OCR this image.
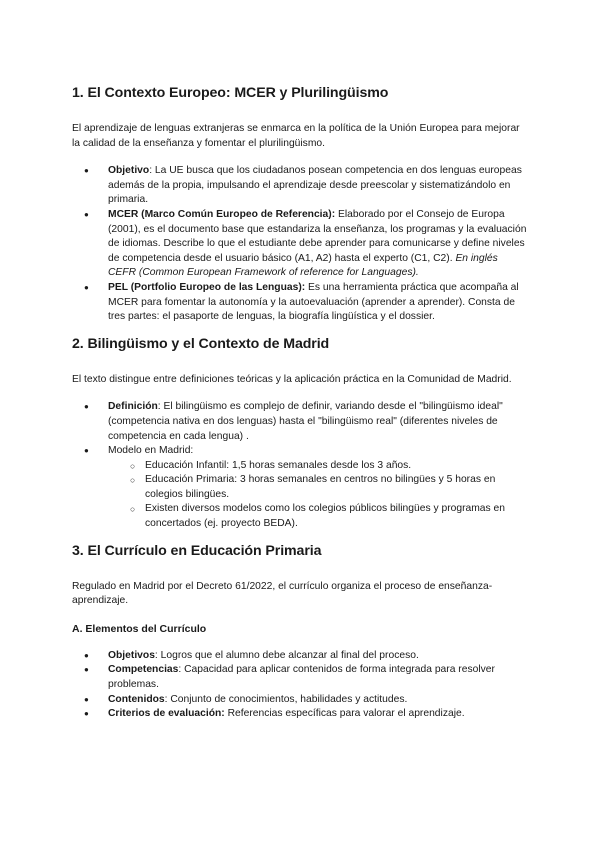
1. El Contexto Europeo: MCER y Plurilingüismo

El aprendizaje de lenguas extranjeras se enmarca en la política de la Unión Europea para mejorar la calidad de la enseñanza y fomentar el plurilingüismo.

● Objetivo: La UE busca que los ciudadanos posean competencia en dos lenguas europeas además de la propia, impulsando el aprendizaje desde preescolar y sistematizándolo en primaria.
● MCER (Marco Común Europeo de Referencia): Elaborado por el Consejo de Europa (2001), es el documento base que estandariza la enseñanza, los programas y la evaluación de idiomas. Describe lo que el estudiante debe aprender para comunicarse y define niveles de competencia desde el usuario básico (A1, A2) hasta el experto (C1, C2). En inglés CEFR (Common European Framework of reference for Languages).
● PEL (Portfolio Europeo de las Lenguas): Es una herramienta práctica que acompaña al MCER para fomentar la autonomía y la autoevaluación (aprender a aprender). Consta de tres partes: el pasaporte de lenguas, la biografía lingüística y el dossier.
2. Bilingüismo y el Contexto de Madrid

El texto distingue entre definiciones teóricas y la aplicación práctica en la Comunidad de Madrid.

● Definición: El bilingüismo es complejo de definir, variando desde el "bilingüismo ideal" (competencia nativa en dos lenguas) hasta el "bilingüismo real" (diferentes niveles de competencia en cada lengua) .
● Modelo en Madrid:
○ Educación Infantil: 1,5 horas semanales desde los 3 años.
○ Educación Primaria: 3 horas semanales en centros no bilingües y 5 horas en colegios bilingües.
○ Existen diversos modelos como los colegios públicos bilingües y programas en concertados (ej. proyecto BEDA).
3. El Currículo en Educación Primaria

Regulado en Madrid por el Decreto 61/2022, el currículo organiza el proceso de enseñanza-aprendizaje.

A. Elementos del Currículo
● Objetivos: Logros que el alumno debe alcanzar al final del proceso.
● Competencias: Capacidad para aplicar contenidos de forma integrada para resolver problemas.
● Contenidos: Conjunto de conocimientos, habilidades y actitudes.
● Criterios de evaluación: Referencias específicas para valorar el aprendizaje.
